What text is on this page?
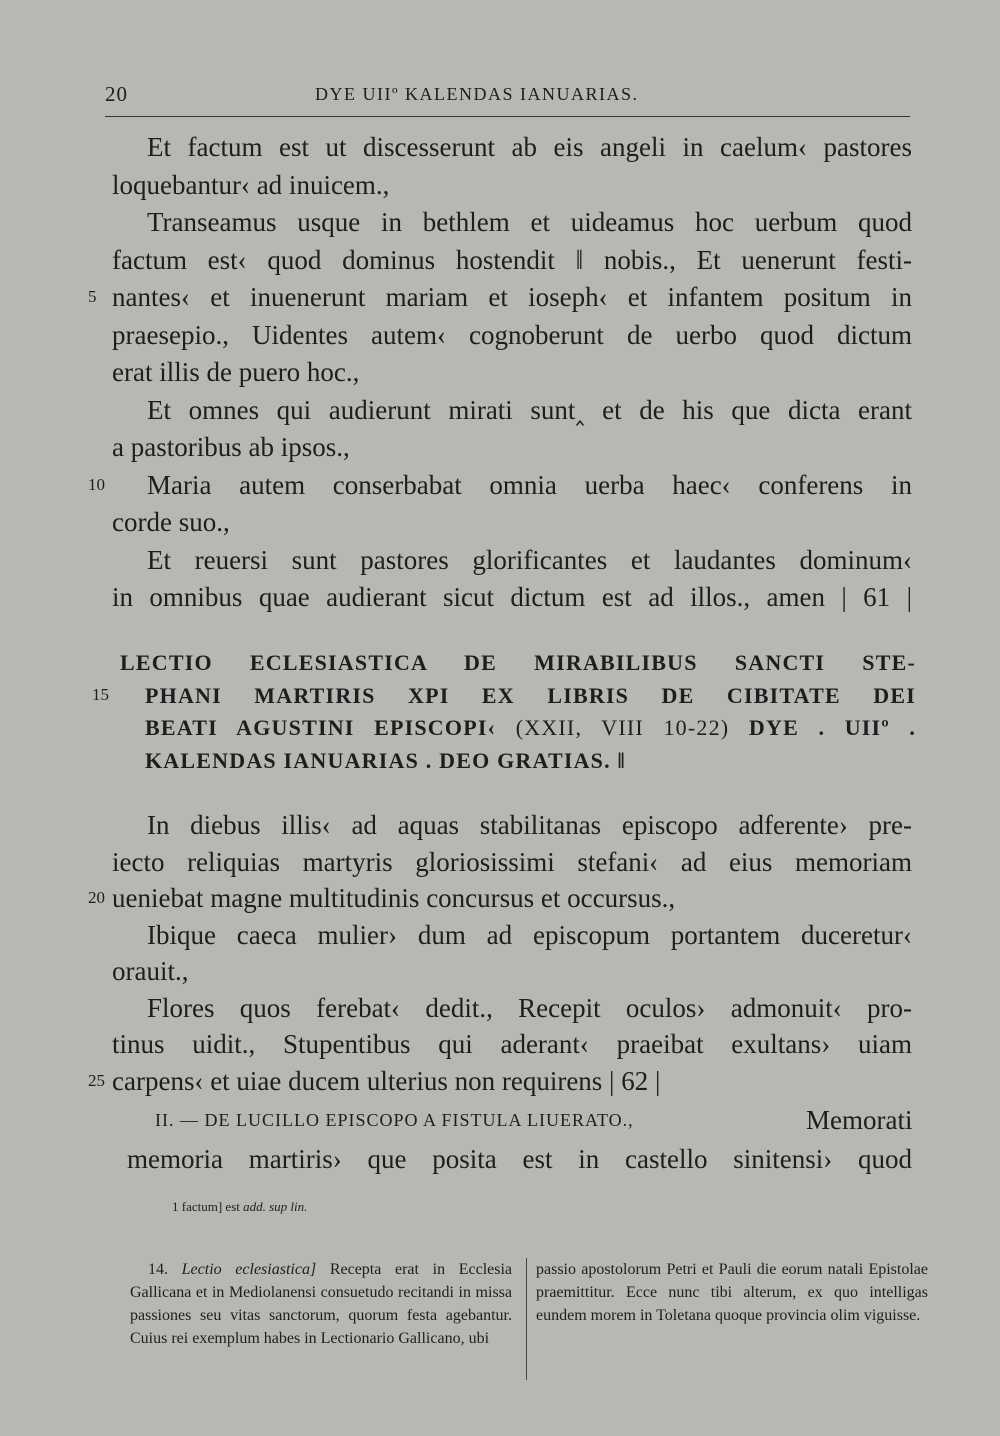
20	DYE UIIº KALENDAS IANUARIAS.
Et factum est ut discesserunt ab eis angeli in caelum‹ pastores
loquebantur‹ ad inuicem.,
Transeamus usque in bethlem et uideamus hoc uerbum quod
factum est‹ quod dominus hostendit ‖ nobis., Et uenerunt festi-
5 nantes‹ et inuenerunt mariam et ioseph‹ et infantem positum in
praesepio., Uidentes autem‹ cognoberunt de uerbo quod dictum
erat illis de puero hoc.,
Et omnes qui audierunt mirati sunt‸ et de his que dicta erant
a pastoribus ab ipsos.,
10 Maria autem conserbabat omnia uerba haec‹ conferens in
corde suo.,
Et reuersi sunt pastores glorificantes et laudantes dominum‹
in omnibus quae audierant sicut dictum est ad illos., amen | 61 |
LECTIO ECLESIASTICA DE MIRABILIBUS SANCTI STE-
15 PHANI MARTIRIS XPI EX LIBRIS DE CIBITATE DEI
BEATI AGUSTINI EPISCOPI‹ (XXII, VIII 10-22) DYE . UIIº .
KALENDAS IANUARIAS . DEO GRATIAS. ‖
In diebus illis‹ ad aquas stabilitanas episcopo adferente› pre-
iecto reliquias martyris gloriosissimi stefani‹ ad eius memoriam
20 ueniebat magne multitudinis concursus et occursus.,
Ibique caeca mulier› dum ad episcopum portantem duceretur‹
orauit.,
Flores quos ferebat‹ dedit., Recepit oculos› admonuit‹ pro-
tinus uidit., Stupentibus qui aderant‹ praeibat exultans› uiam
25 carpens‹ et uiae ducem ulterius non requirens | 62 |
II. — DE LUCILLO EPISCOPO A FISTULA LIUERATO.,	Memorati
memoria martiris› que posita est in castello sinitensi› quod
1 factum] est add. sup lin.
14. Lectio eclesiastica] Recepta erat in Ecclesia Gallicana et in Mediolanensi consuetudo recitandi in missa passiones seu vitas sanctorum, quorum festa agebantur. Cuius rei exemplum habes in Lectionario Gallicano, ubi
passio apostolorum Petri et Pauli die eorum natali Epistolae praemittitur. Ecce nunc tibi alterum, ex quo intelligas eundem morem in Toletana quoque provincia olim viguisse.
